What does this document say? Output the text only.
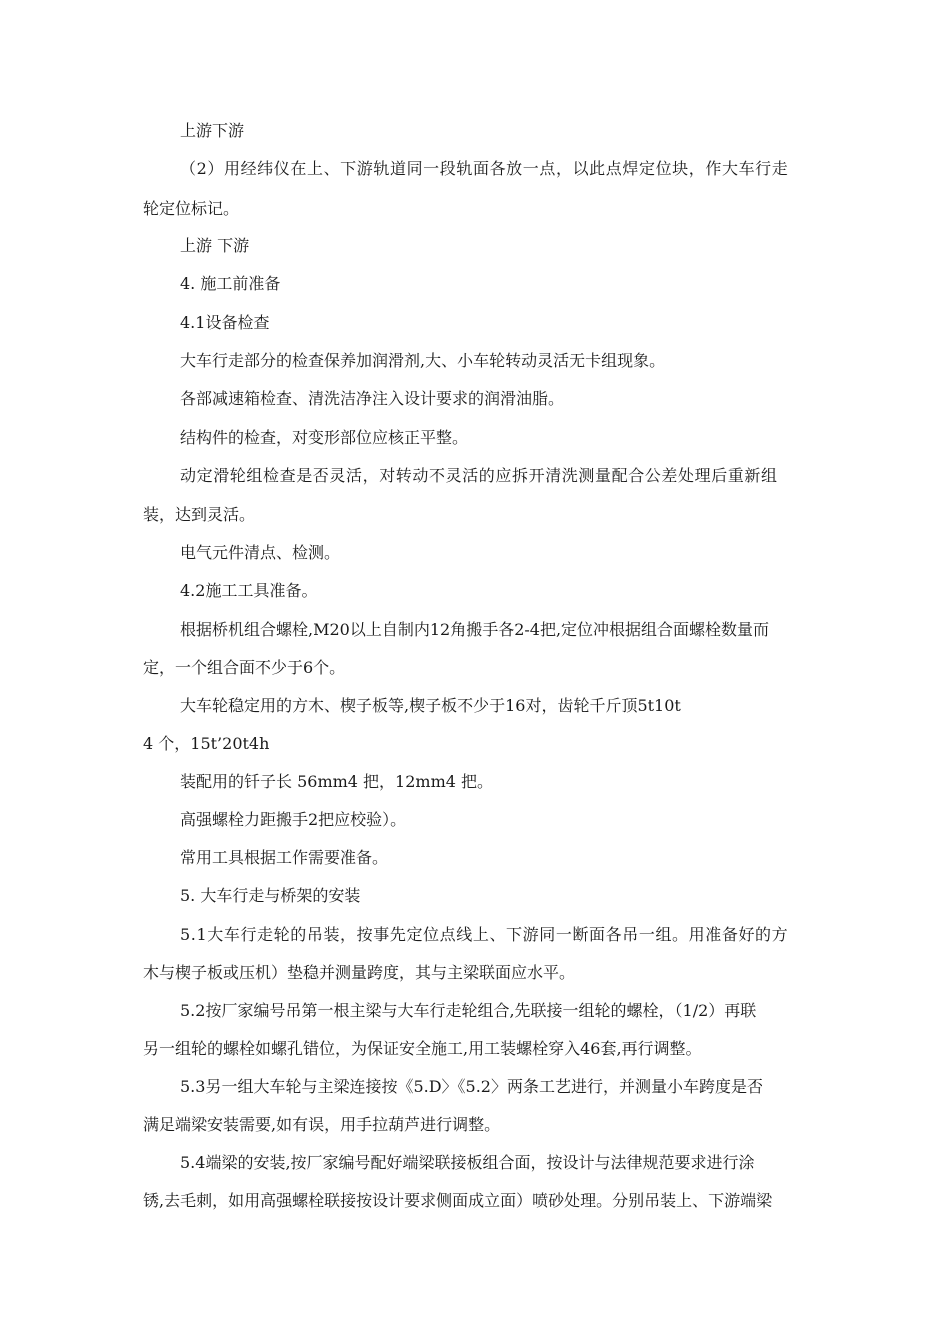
上游下游
（2）用经纬仪在上、下游轨道同一段轨面各放一点，以此点焊定位块，作大车行走
轮定位标记。
上游 下游
4. 施工前准备
4.1设备检查
大车行走部分的检查保养加润滑剂,大、小车轮转动灵活无卡组现象。
各部减速箱检查、清洗洁净注入设计要求的润滑油脂。
结构件的检查，对变形部位应核正平整。
动定滑轮组检查是否灵活，对转动不灵活的应拆开清洗测量配合公差处理后重新组
装，达到灵活。
电气元件清点、检测。
4.2施工工具准备。
根据桥机组合螺栓,M20以上自制内12角搬手各2-4把,定位冲根据组合面螺栓数量而
定，一个组合面不少于6个。
大车轮稳定用的方木、楔子板等,楔子板不少于16对，齿轮千斤顶5t10t
4 个，15t’20t4h
装配用的钎子长 56mm4 把，12mm4 把。
高强螺栓力距搬手2把应校验）。
常用工具根据工作需要准备。
5. 大车行走与桥架的安装
5.1大车行走轮的吊装，按事先定位点线上、下游同一断面各吊一组。用准备好的方
木与楔子板或压机）垫稳并测量跨度，其与主梁联面应水平。
5.2按厂家编号吊第一根主梁与大车行走轮组合,先联接一组轮的螺栓，（1/2）再联
另一组轮的螺栓如螺孔错位，为保证安全施工,用工装螺栓穿入46套,再行调整。
5.3另一组大车轮与主梁连接按《5.D〉《5.2〉两条工艺进行，并测量小车跨度是否
满足端梁安装需要,如有误，用手拉葫芦进行调整。
5.4端梁的安装,按厂家编号配好端梁联接板组合面，按设计与法律规范要求进行涂
锈,去毛刺，如用高强螺栓联接按设计要求侧面成立面）喷砂处理。分别吊装上、下游端梁
